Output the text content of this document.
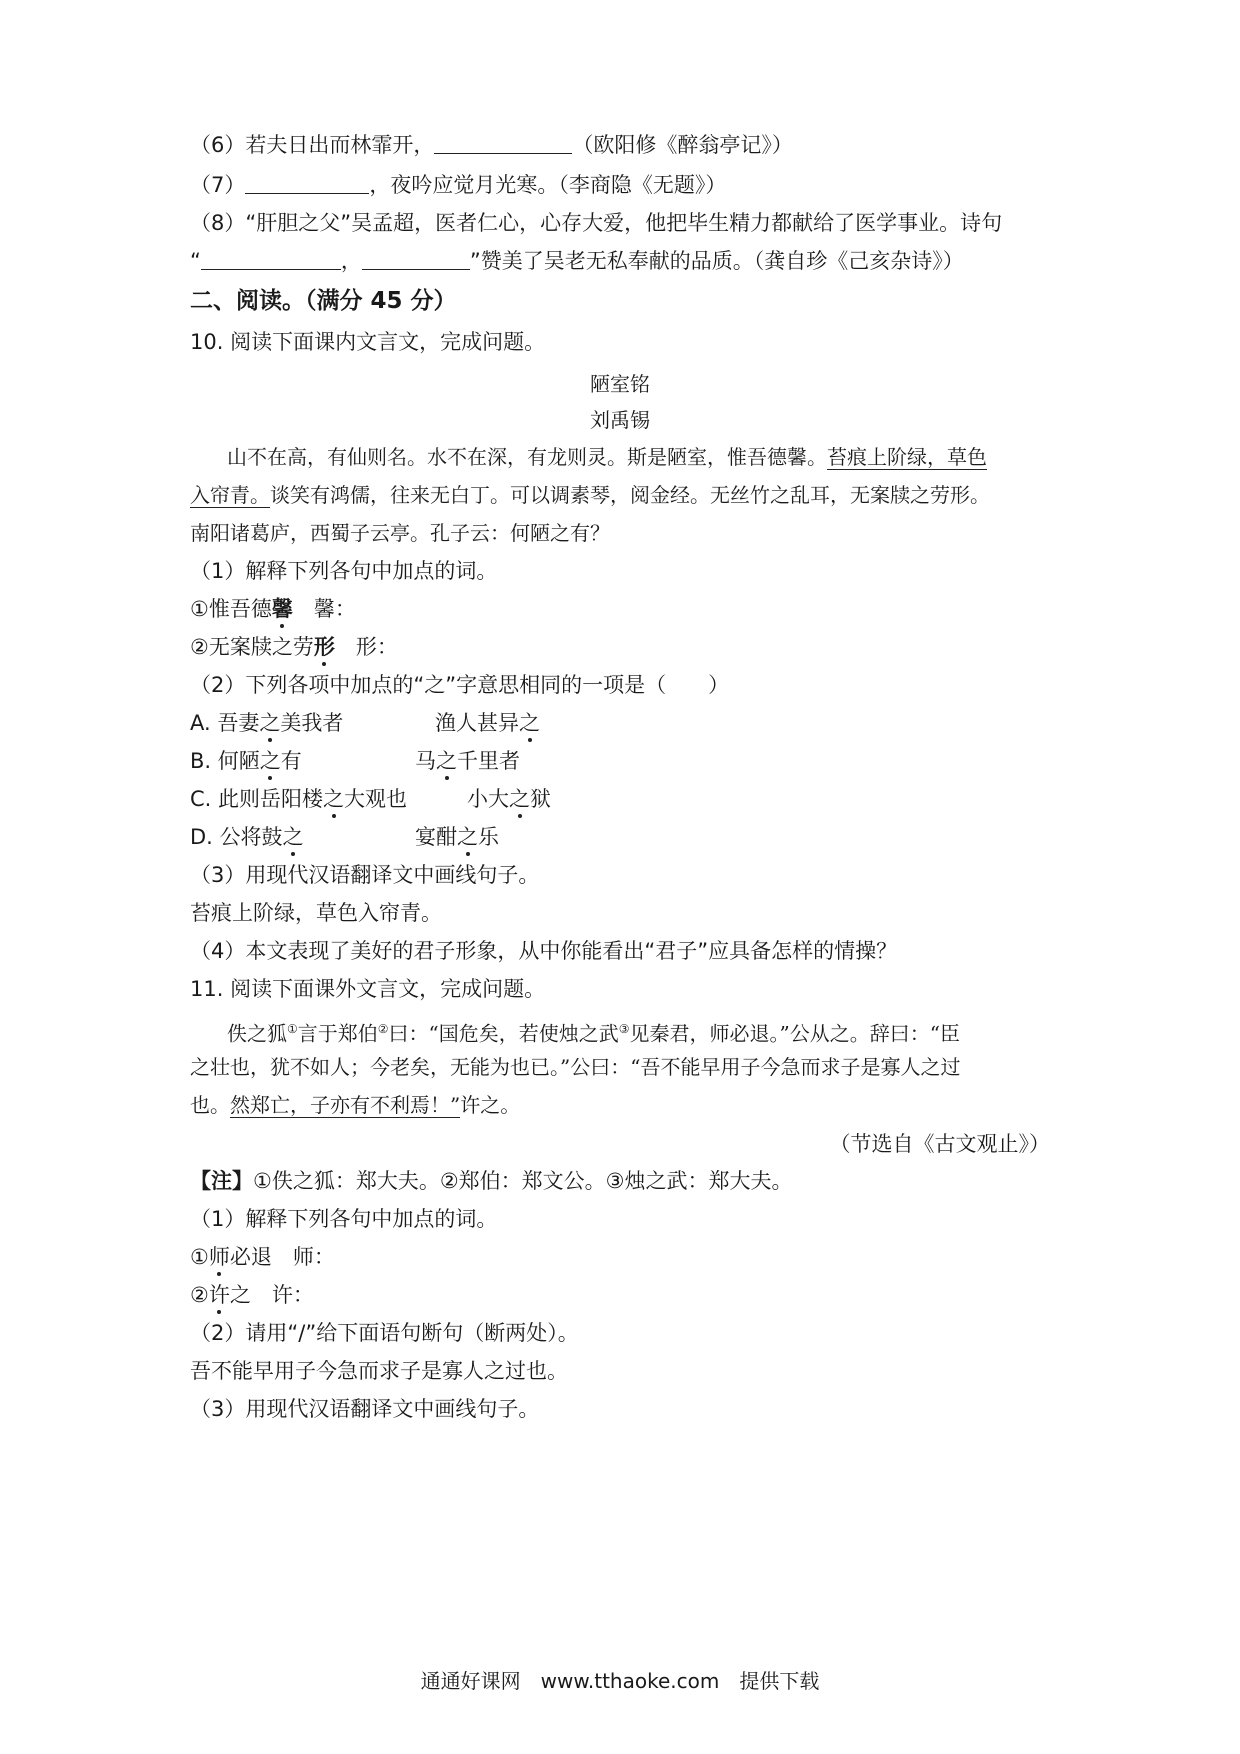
（6）若夫日出而林霏开，	（欧阳修《醉翁亭记》）
（7）	，夜吟应觉月光寒。（李商隐《无题》）
（8）“肝胆之父”吴孟超，医者仁心，心存大爱，他把毕生精力都献给了医学事业。诗句
“	，	”赞美了吴老无私奉献的品质。（龚自珍《己亥杂诗》）
二、阅读。（满分 45 分）
10. 阅读下面课内文言文，完成问题。
陋室铭
刘禹锡
山不在高，有仙则名。水不在深，有龙则灵。斯是陋室，惟吾德馨。苔痕上阶绿，草色
入帘青。谈笑有鸿儒，往来无白丁。可以调素琴，阅金经。无丝竹之乱耳，无案牍之劳形。
南阳诸葛庐，西蜀子云亭。孔子云：何陋之有？
（1）解释下列各句中加点的词。
①惟吾德馨　馨：
②无案牍之劳形　形：
（2）下列各项中加点的“之”字意思相同的一项是（　　）
A. 吾妻之美我者	渔人甚异之
B. 何陋之有	马之千里者
C. 此则岳阳楼之大观也	小大之狱
D. 公将鼓之	宴酣之乐
（3）用现代汉语翻译文中画线句子。
苔痕上阶绿，草色入帘青。
（4）本文表现了美好的君子形象，从中你能看出“君子”应具备怎样的情操？
11. 阅读下面课外文言文，完成问题。
佚之狐①言于郑伯②曰：“国危矣，若使烛之武③见秦君，师必退。”公从之。辞曰：“臣
之壮也，犹不如人；今老矣，无能为也已。”公曰：“吾不能早用子今急而求子是寡人之过
也。然郑亡，子亦有不利焉！”许之。
（节选自《古文观止》）
【注】①佚之狐：郑大夫。②郑伯：郑文公。③烛之武：郑大夫。
（1）解释下列各句中加点的词。
①师必退　师：
②许之　许：
（2）请用“/”给下面语句断句（断两处）。
吾不能早用子今急而求子是寡人之过也。
（3）用现代汉语翻译文中画线句子。
通通好课网　www.tthaoke.com　提供下载
